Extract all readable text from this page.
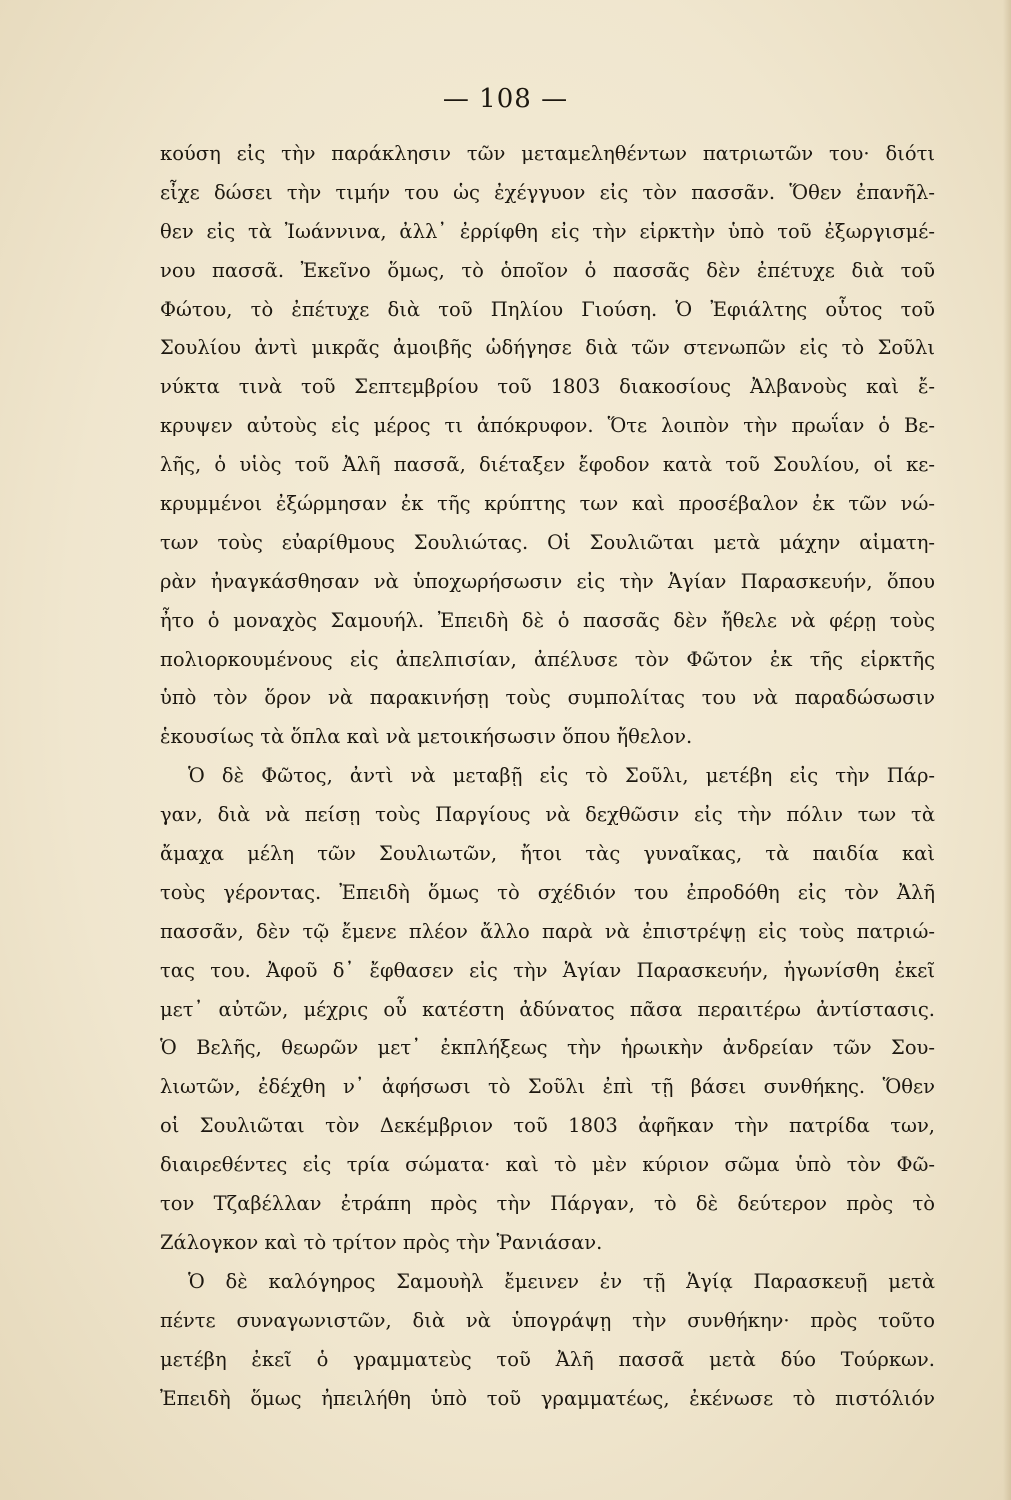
— 108 —
κούση εἰς τὴν παράκλησιν τῶν μεταμεληθέντων πατριωτῶν του· διότι
εἶχε δώσει τὴν τιμήν του ὡς ἐχέγγυον εἰς τὸν πασσᾶν. Ὅθεν ἐπανῆλ-
θεν εἰς τὰ Ἰωάννινα, ἀλλ᾽ ἐρρίφθη εἰς τὴν εἱρκτὴν ὑπὸ τοῦ ἐξωργισμέ-
νου πασσᾶ. Ἐκεῖνο ὅμως, τὸ ὁποῖον ὁ πασσᾶς δὲν ἐπέτυχε διὰ τοῦ
Φώτου, τὸ ἐπέτυχε διὰ τοῦ Πηλίου Γιούση. Ὁ Ἐφιάλτης οὗτος τοῦ
Σουλίου ἀντὶ μικρᾶς ἀμοιβῆς ὡδήγησε διὰ τῶν στενωπῶν εἰς τὸ Σοῦλι
νύκτα τινὰ τοῦ Σεπτεμβρίου τοῦ 1803 διακοσίους Ἀλβανοὺς καὶ ἔ-
κρυψεν αὐτοὺς εἰς μέρος τι ἀπόκρυφον. Ὅτε λοιπὸν τὴν πρωΐαν ὁ Βε-
λῆς, ὁ υἱὸς τοῦ Ἀλῆ πασσᾶ, διέταξεν ἔφοδον κατὰ τοῦ Σουλίου, οἱ κε-
κρυμμένοι ἐξώρμησαν ἐκ τῆς κρύπτης των καὶ προσέβαλον ἐκ τῶν νώ-
των τοὺς εὐαρίθμους Σουλιώτας. Οἱ Σουλιῶται μετὰ μάχην αἱματη-
ρὰν ἠναγκάσθησαν νὰ ὑποχωρήσωσιν εἰς τὴν Ἁγίαν Παρασκευήν, ὅπου
ἦτο ὁ μοναχὸς Σαμουήλ. Ἐπειδὴ δὲ ὁ πασσᾶς δὲν ἤθελε νὰ φέρῃ τοὺς
πολιορκουμένους εἰς ἀπελπισίαν, ἀπέλυσε τὸν Φῶτον ἐκ τῆς εἱρκτῆς
ὑπὸ τὸν ὅρον νὰ παρακινήσῃ τοὺς συμπολίτας του νὰ παραδώσωσιν
ἑκουσίως τὰ ὅπλα καὶ νὰ μετοικήσωσιν ὅπου ἤθελον.
Ὁ δὲ Φῶτος, ἀντὶ νὰ μεταβῇ εἰς τὸ Σοῦλι, μετέβη εἰς τὴν Πάρ-
γαν, διὰ νὰ πείσῃ τοὺς Παργίους νὰ δεχθῶσιν εἰς τὴν πόλιν των τὰ
ἄμαχα μέλη τῶν Σουλιωτῶν, ἤτοι τὰς γυναῖκας, τὰ παιδία καὶ
τοὺς γέροντας. Ἐπειδὴ ὅμως τὸ σχέδιόν του ἐπροδόθη εἰς τὸν Ἀλῆ
πασσᾶν, δὲν τῷ ἔμενε πλέον ἄλλο παρὰ νὰ ἐπιστρέψῃ εἰς τοὺς πατριώ-
τας του. Ἀφοῦ δ᾽ ἔφθασεν εἰς τὴν Ἁγίαν Παρασκευήν, ἠγωνίσθη ἐκεῖ
μετ᾽ αὐτῶν, μέχρις οὗ κατέστη ἀδύνατος πᾶσα περαιτέρω ἀντίστασις.
Ὁ Βελῆς, θεωρῶν μετ᾽ ἐκπλήξεως τὴν ἡρωικὴν ἀνδρείαν τῶν Σου-
λιωτῶν, ἐδέχθη ν᾽ ἀφήσωσι τὸ Σοῦλι ἐπὶ τῇ βάσει συνθήκης. Ὅθεν
οἱ Σουλιῶται τὸν Δεκέμβριον τοῦ 1803 ἀφῆκαν τὴν πατρίδα των,
διαιρεθέντες εἰς τρία σώματα· καὶ τὸ μὲν κύριον σῶμα ὑπὸ τὸν Φῶ-
τον Τζαβέλλαν ἐτράπη πρὸς τὴν Πάργαν, τὸ δὲ δεύτερον πρὸς τὸ
Ζάλογκον καὶ τὸ τρίτον πρὸς τὴν Ῥανιάσαν.
Ὁ δὲ καλόγηρος Σαμουὴλ ἔμεινεν ἐν τῇ Ἁγίᾳ Παρασκευῇ μετὰ
πέντε συναγωνιστῶν, διὰ νὰ ὑπογράψῃ τὴν συνθήκην· πρὸς τοῦτο
μετέβη ἐκεῖ ὁ γραμματεὺς τοῦ Ἀλῆ πασσᾶ μετὰ δύο Τούρκων.
Ἐπειδὴ ὅμως ἠπειλήθη ὑπὸ τοῦ γραμματέως, ἐκένωσε τὸ πιστόλιόν
